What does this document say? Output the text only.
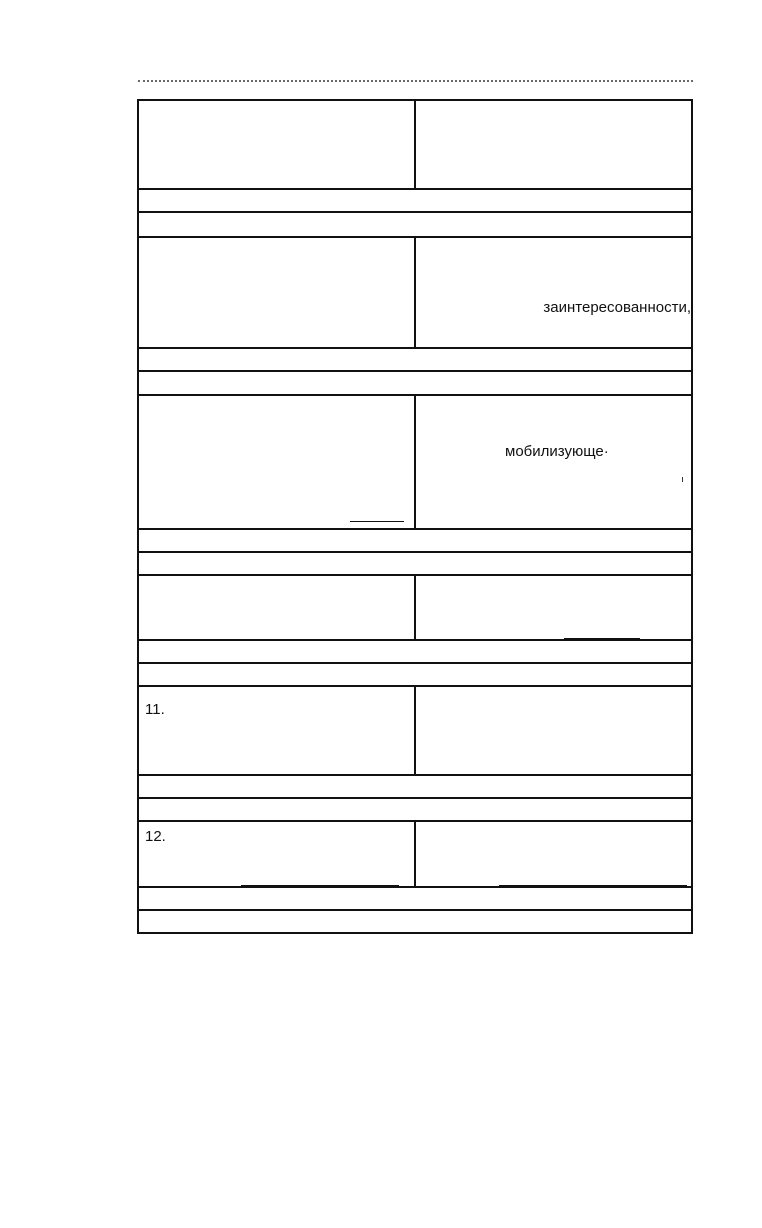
заинтересованности,
мобилизующе·
11.
12.
